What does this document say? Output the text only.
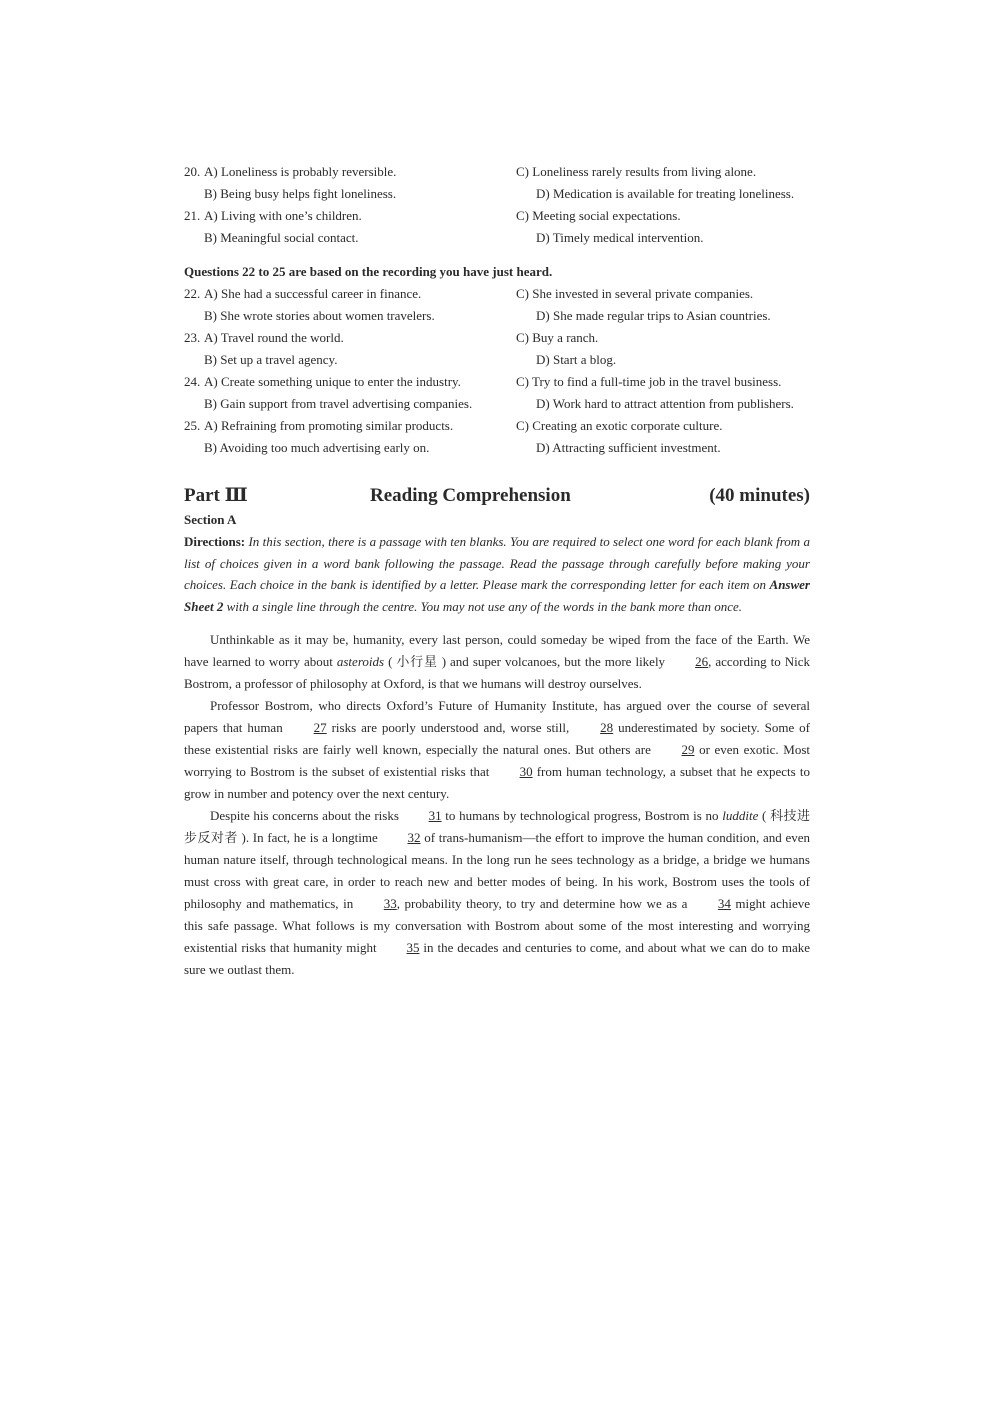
20. A) Loneliness is probably reversible.	C) Loneliness rarely results from living alone.
B) Being busy helps fight loneliness.	D) Medication is available for treating loneliness.
21. A) Living with one’s children.	C) Meeting social expectations.
B) Meaningful social contact.	D) Timely medical intervention.
Questions 22 to 25 are based on the recording you have just heard.
22. A) She had a successful career in finance.	C) She invested in several private companies.
B) She wrote stories about women travelers.	D) She made regular trips to Asian countries.
23. A) Travel round the world.	C) Buy a ranch.
B) Set up a travel agency.	D) Start a blog.
24. A) Create something unique to enter the industry.	C) Try to find a full-time job in the travel business.
B) Gain support from travel advertising companies.	D) Work hard to attract attention from publishers.
25. A) Refraining from promoting similar products.	C) Creating an exotic corporate culture.
B) Avoiding too much advertising early on.	D) Attracting sufficient investment.
Part Ⅲ	Reading Comprehension	(40 minutes)
Section A
Directions: In this section, there is a passage with ten blanks. You are required to select one word for each blank from a list of choices given in a word bank following the passage. Read the passage through carefully before making your choices. Each choice in the bank is identified by a letter. Please mark the corresponding letter for each item on Answer Sheet 2 with a single line through the centre. You may not use any of the words in the bank more than once.

Unthinkable as it may be, humanity, every last person, could someday be wiped from the face of the Earth. We have learned to worry about asteroids ( 小行星 ) and super volcanoes, but the more likely 26, according to Nick Bostrom, a professor of philosophy at Oxford, is that we humans will destroy ourselves.

Professor Bostrom, who directs Oxford’s Future of Humanity Institute, has argued over the course of several papers that human 27 risks are poorly understood and, worse still, 28 underestimated by society. Some of these existential risks are fairly well known, especially the natural ones. But others are 29 or even exotic. Most worrying to Bostrom is the subset of existential risks that 30 from human technology, a subset that he expects to grow in number and potency over the next century.

Despite his concerns about the risks 31 to humans by technological progress, Bostrom is no luddite ( 科技进步反对者 ). In fact, he is a longtime 32 of trans-humanism—the effort to improve the human condition, and even human nature itself, through technological means. In the long run he sees technology as a bridge, a bridge we humans must cross with great care, in order to reach new and better modes of being. In his work, Bostrom uses the tools of philosophy and mathematics, in 33, probability theory, to try and determine how we as a 34 might achieve this safe passage. What follows is my conversation with Bostrom about some of the most interesting and worrying existential risks that humanity might 35 in the decades and centuries to come, and about what we can do to make sure we outlast them.
